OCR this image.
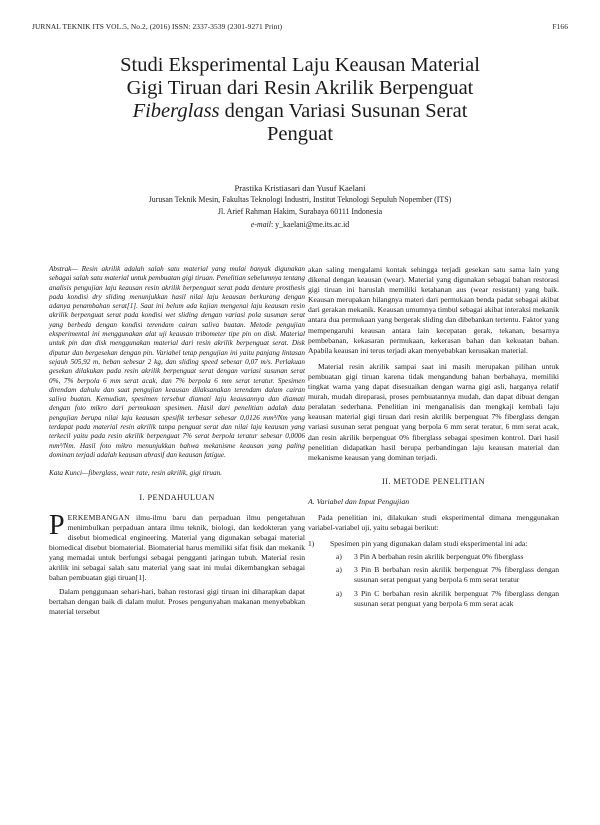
JURNAL TEKNIK ITS VOL.5, No.2, (2016) ISSN: 2337-3539 (2301-9271 Print)	F166
Studi Eksperimental Laju Keausan Material
Gigi Tiruan dari Resin Akrilik Berpenguat
Fiberglass dengan Variasi Susunan Serat
Penguat
Prastika Kristiasari dan Yusuf Kaelani
Jurusan Teknik Mesin, Fakultas Teknologi Industri, Institut Teknologi Sepuluh Nopember (ITS)
Jl. Arief Rahman Hakim, Surabaya 60111 Indonesia
e-mail: y_kaelani@me.its.ac.id

Abstrak— Resin akrilik adalah salah satu material yang mulai banyak digunakan sebagai salah satu material untuk pembuatan gigi tiruan. Penelitian sebelumnya tentang analisis pengujian laju keausan resin akrilik berpenguat serat pada denture prosthesis pada kondisi dry sliding menunjukkan hasil nilai laju keausan berkurang dengan adanya penambahan serat[1]. Saat ini belum ada kajian mengenai laju keausan resin akrilik berpenguat serat pada kondisi wet sliding dengan variasi pola susunan serat yang berbeda dengan kondisi terendam cairan saliva buatan. Metode pengujian eksperimental ini menggunakan alat uji keausan tribometer tipe pin on disk. Material untuk pin dan disk menggunakan material dari resin akrilik berpenguat serat. Disk diputar dan bergesekan dengan pin. Variabel tetap pengujian ini yaitu panjang lintasan sejauh 505,92 m, beban sebesar 2 kg, dan sliding speed sebesar 0,07 m/s. Perlakuan gesekan dilakukan pada resin akrilik berpenguat serat dengan variasi susunan serat 0%, 7% berpola 6 mm serat acak, dan 7% berpola 6 mm serat teratur. Spesimen direndam dahulu dan saat pengujian keausan dilaksanakan terendam dalam cairan saliva buatan. Kemudian, spesimen tersebut diamati laju keausannya dan diamati dengan foto mikro dari permukaan spesimen. Hasil dari penelitian adalah data pengujian berupa nilai laju keausan spesifik terbesar sebesar 0,0126 mm³/Nm yang terdapat pada material resin akrilik tanpa penguat serat dan nilai laju keausan yang terkecil yaitu pada resin akrilik berpenguat 7% serat berpola teratur sebesar 0,0006 mm³/Nm. Hasil foto mikro menunjukkan bahwa mekanisme keausan yang paling dominan terjadi adalah keausan abrasif dan keausan fatigue.

Kata Kunci—fiberglass, wear rate, resin akrilik, gigi tiruan.

I. PENDAHULUAN

PERKEMBANGAN ilmu-ilmu baru dan perpaduan ilmu pengetahuan menimbulkan perpaduan antara ilmu teknik, biologi, dan kedokteran yang disebut biomedical engineering. Material yang digunakan sebagai material biomedical disebut biomaterial. Biomaterial harus memiliki sifat fisik dan mekanik yang memadai untuk berfungsi sebagai pengganti jaringan tubuh. Material resin akrilik ini sebagai salah satu material yang saat ini mulai dikembangkan sebagai bahan pembuatan gigi tiruan[1].

Dalam penggunaan sehari-hari, bahan restorasi gigi tiruan ini diharapkan dapat bertahan dengan baik di dalam mulut. Proses pengunyahan makanan menyebabkan material tersebut

akan saling mengalami kontak sehingga terjadi gesekan satu sama lain yang dikenal dengan keausan (wear). Material yang digunakan sebagai bahan restorasi gigi tiruan ini haruslah memiliki ketahanan aus (wear resistant) yang baik. Keausan merupakan hilangnya materi dari permukaan benda padat sebagai akibat dari gerakan mekanik. Keausan umumnya timbul sebagai akibat interaksi mekanik antara dua permukaan yang bergerak sliding dan dibebankan tertentu. Faktor yang mempengaruhi keausan antara lain kecepatan gerak, tekanan, besarnya pembebanan, kekasaran permukaan, kekerasan bahan dan kekuatan bahan. Apabila keausan ini terus terjadi akan menyebabkan kerusakan material.

Material resin akrilik sampai saat ini masih merupakan pilihan untuk pembuatan gigi tiruan karena tidak mengandung bahan berbahaya, memiliki tingkat warna yang dapat disesuaikan dengan warna gigi asli, harganya relatif murah, mudah direparasi, proses pembuatannya mudah, dan dapat dibuat dengan peralatan sederhana. Penelitian ini menganalisis dan mengkaji kembali laju keausan material gigi tiruan dari resin akrilik berpenguat 7% fiberglass dengan variasi susunan serat penguat yang berpola 6 mm serat teratur, 6 mm serat acak, dan resin akrilik berpenguat 0% fiberglass sebagai spesimen kontrol. Dari hasil penelitian didapatkan hasil berupa perbandingan laju keausan material dan mekanisme keausan yang dominan terjadi.

II. METODE PENELITIAN
A. Variabel dan Input Pengujian

Pada penelitian ini, dilakukan studi eksperimental dimana menggunakan variabel-variabel uji, yaitu sebagai berikut:

1) Spesimen pin yang digunakan dalam studi eksperimental ini ada:
a) 3 Pin A berbahan resin akrilik berpenguat 0% fiberglass
a) 3 Pin B berbahan resin akrilik berpenguat 7% fiberglass dengan susunan serat penguat yang berpola 6 mm serat teratur
a) 3 Pin C berbahan resin akrilik berpenguat 7% fiberglass dengan susunan serat penguat yang berpola 6 mm serat acak
